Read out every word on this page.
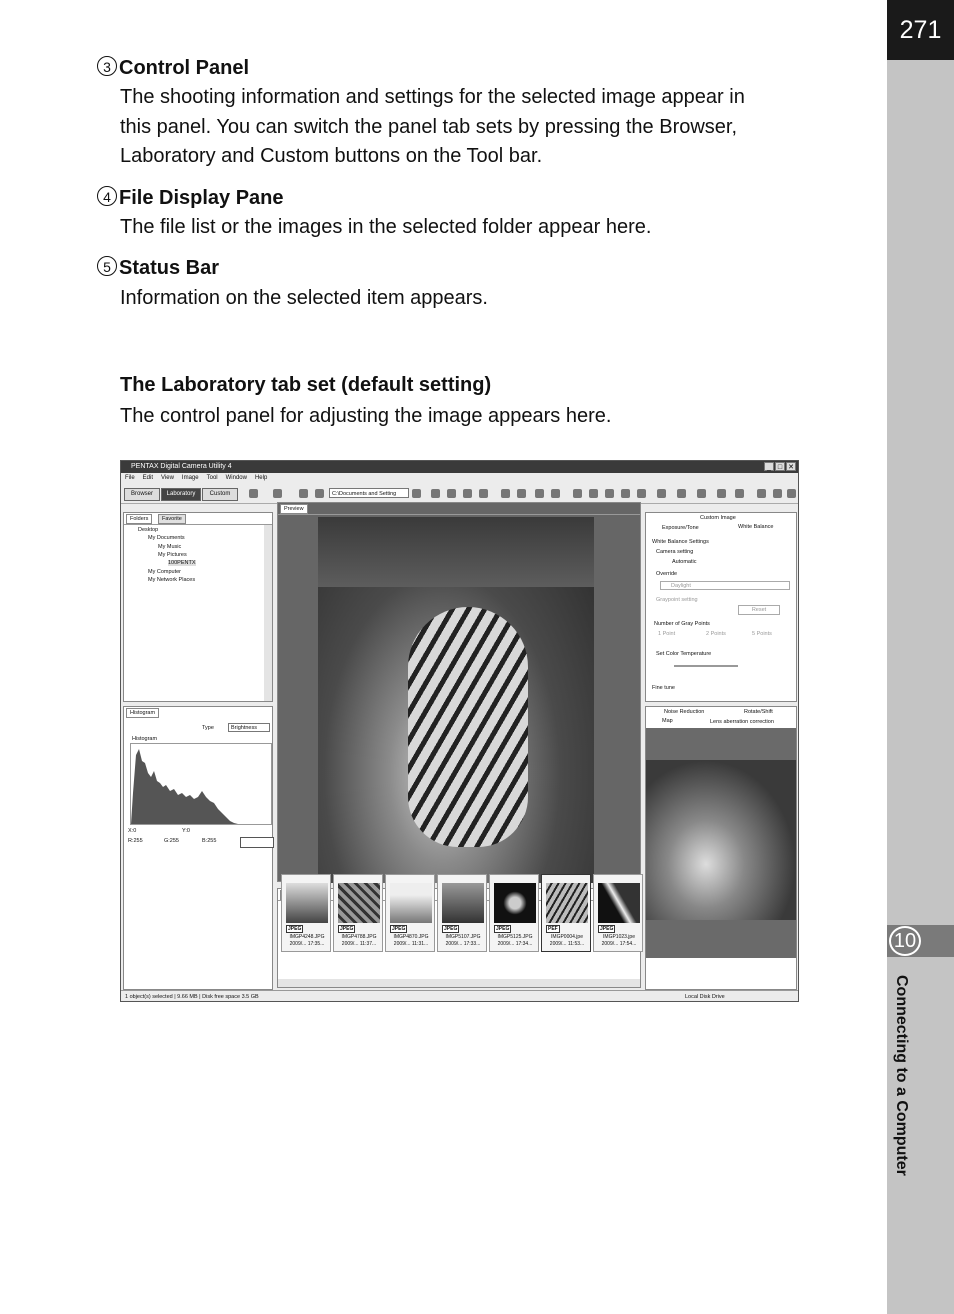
271
10
Connecting to a Computer
3 Control Panel
The shooting information and settings for the selected image appear in
this panel. You can switch the panel tab sets by pressing the Browser,
Laboratory and Custom buttons on the Tool bar.
4 File Display Pane
The file list or the images in the selected folder appear here.
5 Status Bar
Information on the selected item appears.
The Laboratory tab set (default setting)
The control panel for adjusting the image appears here.
PENTAX Digital Camera Utility 4	_ □ ✕
File Edit View Image Tool Window Help
Browser	Laboratory	Custom	C:\Documents and Setting
Folders	Favorite
Desktop
My Documents
My Music
My Pictures
100PENTX
My Computer
My Network Places
Histogram
Type	Brightness
Histogram
X:0	Y:0
R:255	G:255	B:255
Preview
JPEG
IMGP4248.JPG
2009/... 17:35...
JPEG
IMGP4788.JPG
2009/... 11:37...
JPEG
IMGP4870.JPG
2009/... 11:31...
JPEG
IMGP5107.JPG
2009/... 17:33...
JPEG
IMGP5125.JPG
2009/... 17:34...
PEF
IMGP0004.jpe
2009/... 11:53...
JPEG
IMGP1023.jpe
2009/... 17:54...
Custom Image
Exposure/Tone	White Balance
White Balance Settings
Camera setting
Automatic
Override
Daylight
Graypoint setting
Reset
Number of Gray Points
1 Point	2 Points	5 Points
Set Color Temperature
Fine tune
Noise Reduction	Rotate/Shift
Map	Lens aberration correction
1 object(s) selected | 9.66 MB | Disk free space 3.5 GB	Local Disk Drive
